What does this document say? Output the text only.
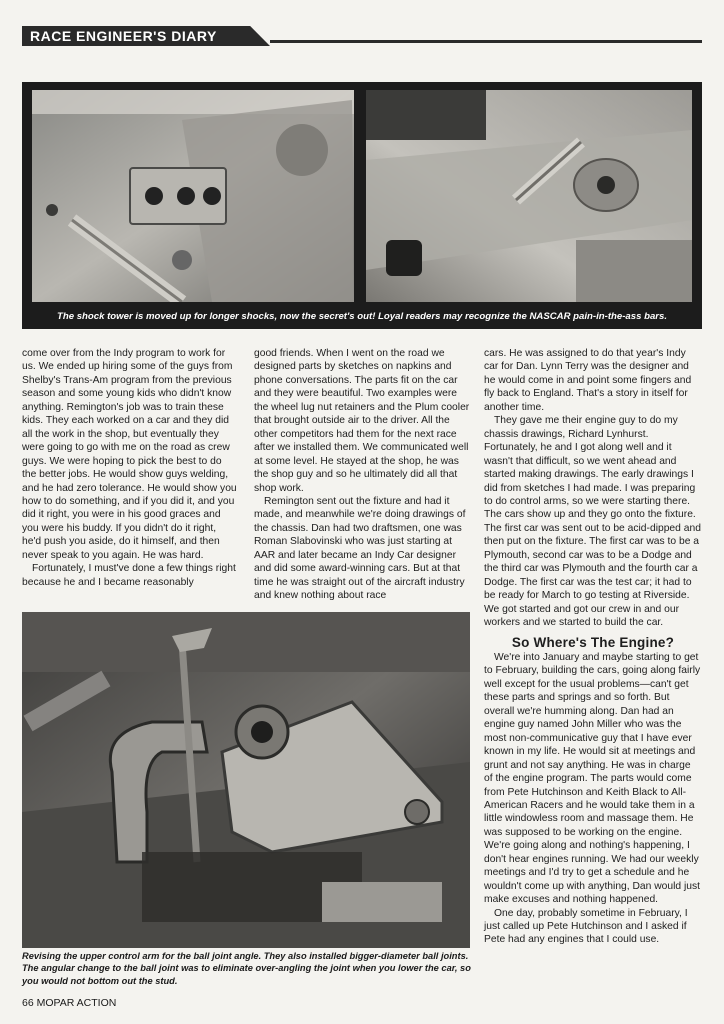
RACE ENGINEER'S DIARY
The shock tower is moved up for longer shocks, now the secret's out! Loyal readers may recognize the NASCAR pain-in-the-ass bars.

come over from the Indy program to work for us. We ended up hiring some of the guys from Shelby's Trans-Am program from the previous season and some young kids who didn't know anything. Remington's job was to train these kids. They each worked on a car and they did all the work in the shop, but eventually they were going to go with me on the road as crew guys. We were hoping to pick the best to do the better jobs. He would show guys welding, and he had zero tolerance. He would show you how to do something, and if you did it, and you did it right, you were in his good graces and you were his buddy. If you didn't do it right, he'd push you aside, do it himself, and then never speak to you again. He was hard.

Fortunately, I must've done a few things right because he and I became reasonably

good friends. When I went on the road we designed parts by sketches on napkins and phone conversations. The parts fit on the car and they were beautiful. Two examples were the wheel lug nut retainers and the Plum cooler that brought outside air to the driver. All the other competitors had them for the next race after we installed them. We communicated well at some level. He stayed at the shop, he was the shop guy and so he ultimately did all that shop work.

Remington sent out the fixture and had it made, and meanwhile we're doing drawings of the chassis. Dan had two draftsmen, one was Roman Slabovinski who was just starting at AAR and later became an Indy Car designer and did some award-winning cars. But at that time he was straight out of the aircraft industry and knew nothing about race

cars. He was assigned to do that year's Indy car for Dan. Lynn Terry was the designer and he would come in and point some fingers and fly back to England. That's a story in itself for another time.

They gave me their engine guy to do my chassis drawings, Richard Lynhurst. Fortunately, he and I got along well and it wasn't that difficult, so we went ahead and started making drawings. The early drawings I did from sketches I had made. I was preparing to do control arms, so we were starting there. The cars show up and they go onto the fixture. The first car was sent out to be acid-dipped and then put on the fixture. The first car was to be a Plymouth, second car was to be a Dodge and the third car was Plymouth and the fourth car a Dodge. The first car was the test car; it had to be ready for March to go testing at Riverside. We got started and got our crew in and our workers and we started to build the car.

So Where's The Engine?

We're into January and maybe starting to get to February, building the cars, going along fairly well except for the usual problems—can't get these parts and springs and so forth. But overall we're humming along. Dan had an engine guy named John Miller who was the most non-communicative guy that I have ever known in my life. He would sit at meetings and grunt and not say anything. He was in charge of the engine program. The parts would come from Pete Hutchinson and Keith Black to All-American Racers and he would take them in a little windowless room and massage them. He was supposed to be working on the engine. We're going along and nothing's happening, I don't hear engines running. We had our weekly meetings and I'd try to get a schedule and he wouldn't come up with anything, Dan would just make excuses and nothing happened.

One day, probably sometime in February, I just called up Pete Hutchinson and I asked if Pete had any engines that I could use.

Revising the upper control arm for the ball joint angle. They also installed bigger-diameter ball joints. The angular change to the ball joint was to eliminate over-angling the joint when you lower the car, so you would not bottom out the stud.
66 MOPAR ACTION
